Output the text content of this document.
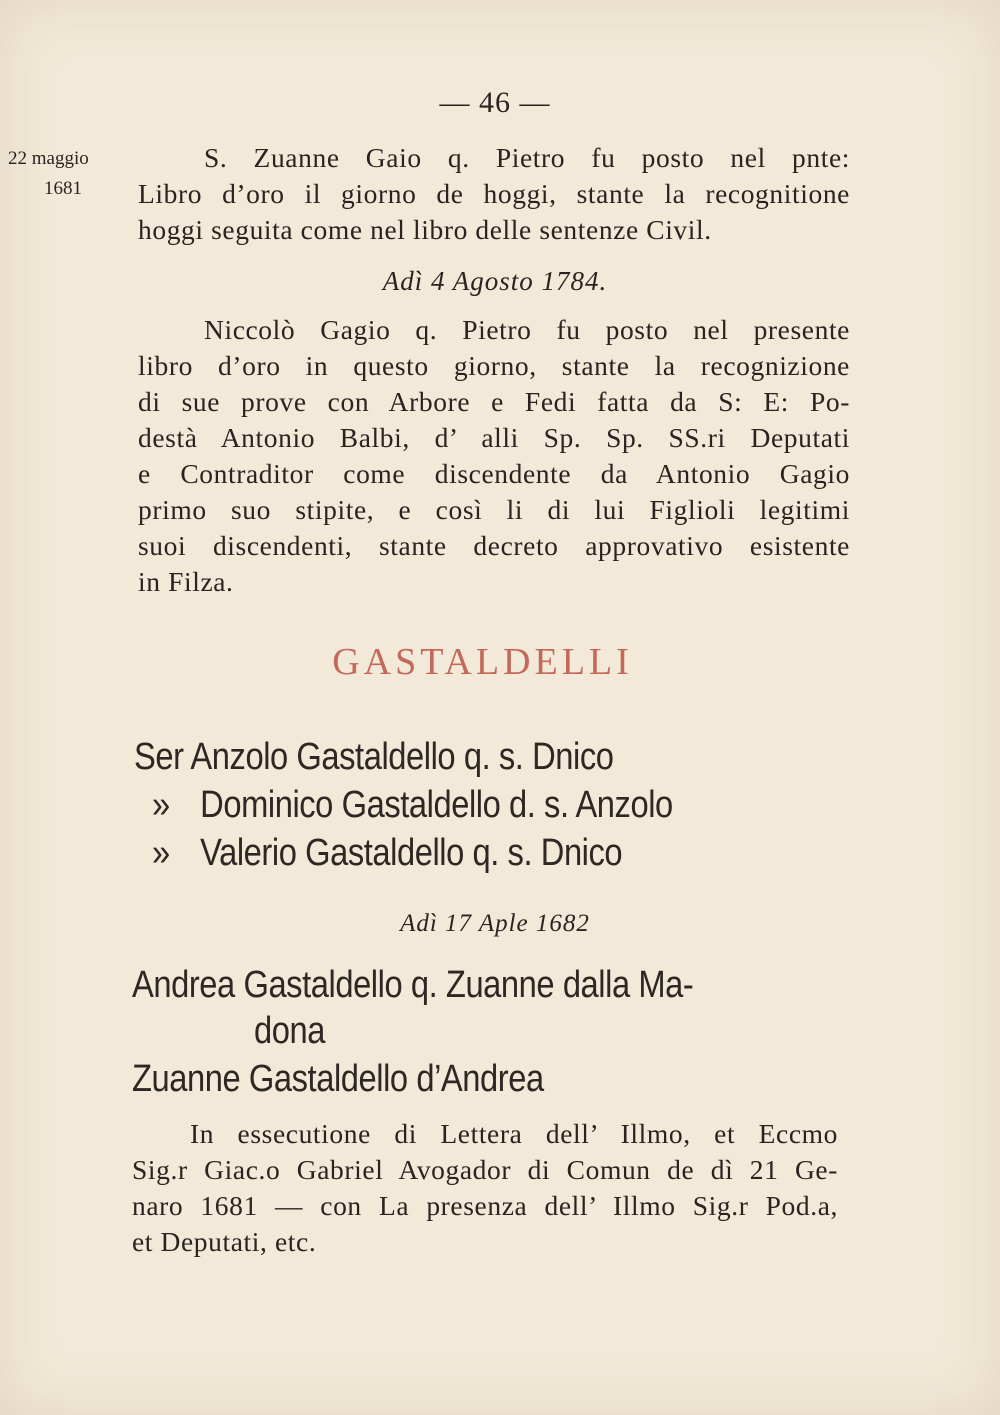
— 46 —

22 maggio
1681

S. Zuanne Gaio q. Pietro fu posto nel pnte:

Libro d’oro il giorno de hoggi, stante la recognitione

hoggi seguita come nel libro delle sentenze Civil.

Adì 4 Agosto 1784.

Niccolò Gagio q. Pietro fu posto nel presente

libro d’oro in questo giorno, stante la recognizione

di sue prove con Arbore e Fedi fatta da S: E: Po-

destà Antonio Balbi, d’ alli Sp. Sp. SS.ri Deputati

e Contraditor come discendente da Antonio Gagio

primo suo stipite, e così li di lui Figlioli legitimi

suoi discendenti, stante decreto approvativo esistente

in Filza.

GASTALDELLI

Ser Anzolo Gastaldello q. s. Dnico

» Dominico Gastaldello d. s. Anzolo

» Valerio Gastaldello q. s. Dnico

Adì 17 Aple 1682

Andrea Gastaldello q. Zuanne dalla Ma-

dona

Zuanne Gastaldello d’Andrea

In essecutione di Lettera dell’ Illmo, et Eccmo

Sig.r Giac.o Gabriel Avogador di Comun de dì 21 Ge-

naro 1681 — con La presenza dell’ Illmo Sig.r Pod.a,

et Deputati, etc.
